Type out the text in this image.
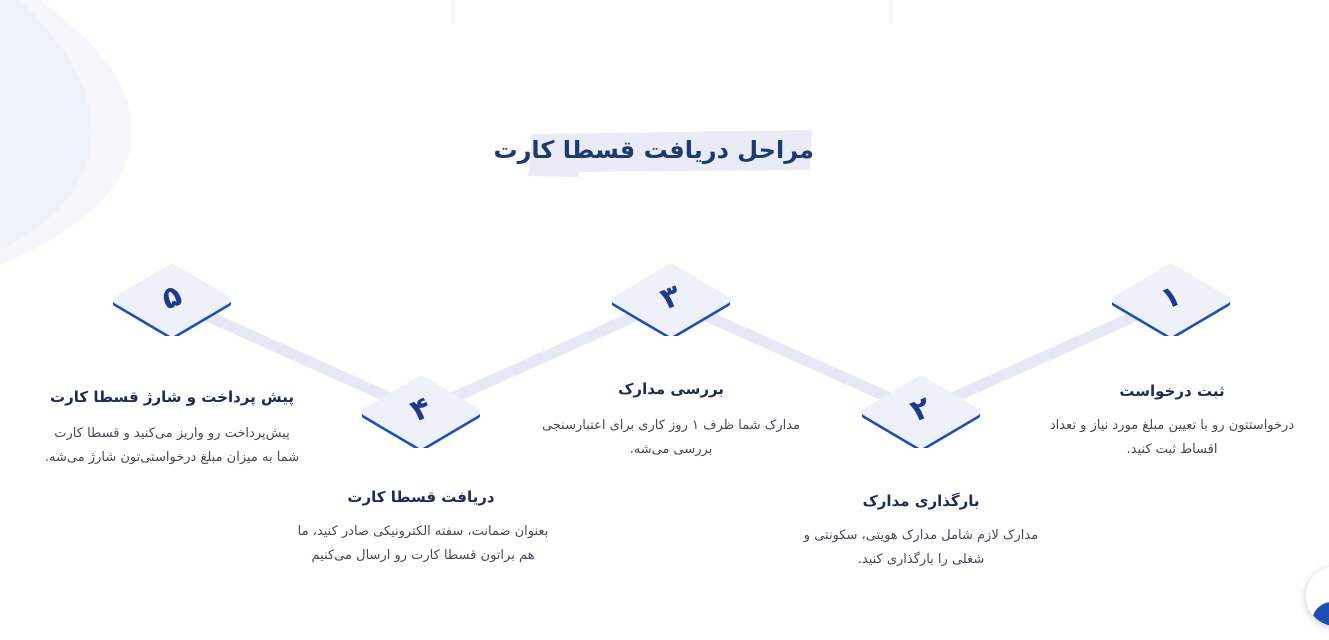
مراحل دریافت قسطا کارت
۱
ثبت درخواست

درخواستتون رو با تعیین مبلغ مورد نیاز و تعداد اقساط ثبت کنید.

۲
بارگذاری مدارک

مدارک لازم شامل مدارک هویتی، سکونتی و شغلی را بارگذاری کنید.

۳
بررسی مدارک

مدارک شما ظرف ۱ روز کاری برای اعتبارسنجی بررسی می‌شه.

۴
دریافت قسطا کارت

بعنوان ضمانت، سفته الکترونیکی صادر کنید، ما هم براتون قسطا کارت رو ارسال می‌کنیم

۵
پیش پرداخت و شارژ قسطا کارت

پیش‌پرداخت رو واریز می‌کنید و قسطا کارت شما به میزان مبلغ درخواستی‌تون شارژ می‌شه.
